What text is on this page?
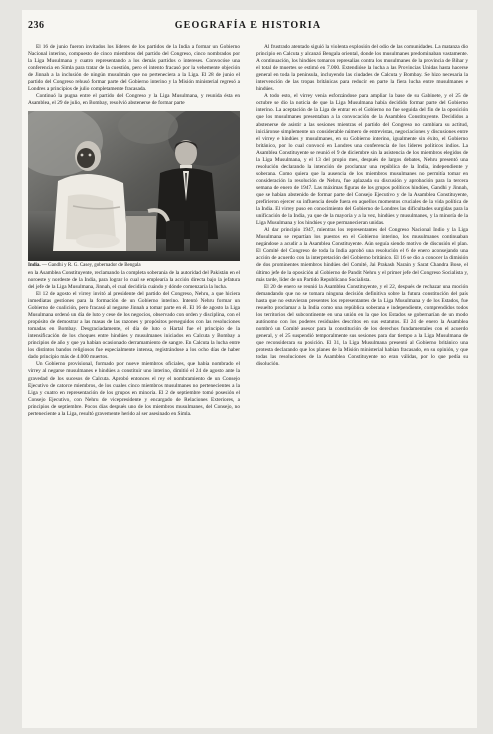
236	GEOGRAFÍA E HISTORIA

El 16 de junio fueron invitados los líderes de los partidos de la India a formar un Gobierno Nacional interino, compuesto de cinco miembros del partido del Congreso, cinco nombrados por la Liga Musulmana y cuatro representando a los demás partidos o intereses. Convocóse una conferencia en Simla para tratar de la cuestión, pero el intento fracasó por la vehemente objeción de Jinnah a la inclusión de ningún musulmán que no perteneciera a la Liga. El 28 de junio el partido del Congreso rehusó formar parte del Gobierno interino y la Misión ministerial regresó a Londres a principios de julio completamente fracasada.

Continuó la pugna entre el partido del Congreso y la Liga Musulmana, y reunida ésta en Asamblea, el 29 de julio, en Bombay, resolvió abstenerse de formar parte

India. — Gandhi y R. G. Casey, gobernador de Bengala

en la Asamblea Constituyente, reclamando la completa soberanía de la autoridad del Pakistán en el noroeste y nordeste de la India, para lograr lo cual se emplearía la acción directa bajo la jefatura del jefe de la Liga Musulmana, Jinnah, el cual decidiría cuándo y dónde comenzaría la lucha.

El 12 de agosto el virrey invitó al presidente del partido del Congreso, Nehru, a que hiciera inmediatas gestiones para la formación de un Gobierno interino. Intentó Nehru formar un Gobierno de coalición, pero fracasó al negarse Jinnah a tomar parte en él. El 16 de agosto la Liga Musulmana ordenó un día de luto y cese de los negocios, observado con orden y disciplina, con el propósito de demostrar a las masas de las razones y propósitos perseguidos con las resoluciones tomadas en Bombay. Desgraciadamente, el día de luto o Hartal fue el principio de la intensificación de los choques entre hindúes y musulmanes iniciados en Calcuta y Bombay a principios de año y que ya habían ocasionado derramamiento de sangre. En Calcuta la lucha entre los distintos bandos religiosos fue especialmente intensa, registrándose a los ocho días de haber dado principio más de 4.000 muertos.

Un Gobierno provisional, formado por nueve miembros oficiales, que había nombrado el virrey al negarse musulmanes e hindúes a constituir uno interino, dimitió el 24 de agosto ante la gravedad de los sucesos de Calcuta. Aprobó entonces el rey el nombramiento de un Consejo Ejecutivo de catorce miembros, de los cuales cinco miembros musulmanes no pertenecientes a la Liga y cuatro en representación de los grupos en minoría. El 2 de septiembre tomó posesión el Consejo Ejecutivo, con Nehru de vicepresidente y encargado de Relaciones Exteriores, a principios de septiembre. Pocos días después uno de los miembros musulmanes, del Consejo, no perteneciente a la Liga, resultó gravemente herido al ser asesinado en Simla.

Al frustrado atentado siguió la violenta explosión del odio de las comunidades. La matanza dio principio en Calcuta y alcanzó Bengala oriental, donde los musulmanes predominaban vastamente. A continuación, los hindúes tomaron represalias contra los musulmanes de la provincia de Bihar y el total de muertes se estimó en 7.000. Extendióse la lucha a las Provincias Unidas hasta hacerse general en toda la península, incluyendo las ciudades de Calcuta y Bombay. Se hizo necesaria la intervención de las tropas británicas para reducir en parte la fiera lucha entre musulmanes e hindúes.

A todo esto, el virrey venía esforzándose para ampliar la base de su Gabinete, y el 25 de octubre se dio la noticia de que la Liga Musulmana había decidido formar parte del Gobierno interino. La aceptación de la Liga de entrar en el Gobierno no fue seguida del fin de la oposición que los musulmanes presentaban a la convocación de la Asamblea Constituyente. Decididos a abstenerse de asistir a las sesiones mientras el partido del Congreso no cambiara su actitud, iniciáronse simplemente un considerable número de entrevistas, negociaciones y discusiones entre el virrey e hindúes y musulmanes, en su Gobierno interino, igualmente sin éxito, el Gobierno británico, por lo cual convocó en Londres una conferencia de los líderes políticos indios. La Asamblea Constituyente se reunió el 9 de diciembre sin la asistencia de los miembros elegidos de la Liga Musulmana, y el 13 del propio mes, después de largos debates, Nehru presentó una resolución declarando la intención de proclamar una república de la India, independiente y soberana. Como quiera que la ausencia de los miembros musulmanes no permitía tomar en consideración la resolución de Nehru, fue aplazada su discusión y aprobación para la tercera semana de enero de 1947. Las máximas figuras de los grupos políticos hindúes, Gandhi y Jinnah, que se habían abstenido de formar parte del Consejo Ejecutivo y de la Asamblea Constituyente, prefirieron ejercer su influencia desde fuera en aquellos momentos cruciales de la vida política de la India. El virrey puso en conocimiento del Gobierno de Londres las dificultades surgidas para la unificación de la India, ya que de la mayoría y a la vez, hindúes y musulmanes, y la minoría de la Liga Musulmana y los hindúes y que permanecieran unidas.

Al dar principio 1947, mientras los representantes del Congreso Nacional Indio y la Liga Musulmana se repartían los puestos en el Gobierno interino, los musulmanes continuaban negándose a acudir a la Asamblea Constituyente. Aún seguía siendo motivo de discusión el plan. El Comité del Congreso de toda la India aprobó una resolución el 6 de enero aconsejando una acción de acuerdo con la interpretación del Gobierno británico. El 16 se dio a conocer la dimisión de dos prominentes miembros hindúes del Comité, Jai Prakash Narain y Sarat Chandra Bose, el último jefe de la oposición al Gobierno de Pandit Nehru y el primer jefe del Congreso Socialista y, más tarde, líder de un Partido Republicano Socialista.

El 20 de enero se reunió la Asamblea Constituyente, y el 22, después de rechazar una moción demandando que no se tomara ninguna decisión definitiva sobre la futura constitución del país hasta que no estuvieran presentes los representantes de la Liga Musulmana y de los Estados, fue resuelto proclamar a la India como una república soberana e independiente, comprendidos todos los territorios del subcontinente en una unión en la que los Estados se gobernarían de un modo autónomo con los poderes residuales descritos en sus estatutos. El 24 de enero la Asamblea nombró un Comité asesor para la constitución de los derechos fundamentales con el acuerdo general, y el 25 suspendió temporalmente sus sesiones para dar tiempo a la Liga Musulmana de que reconsiderara su posición. El 31, la Liga Musulmana presentó al Gobierno británico una protesta declarando que los planes de la Misión ministerial habían fracasado, en su opinión, y que todas las resoluciones de la Asamblea Constituyente no eran válidas, por lo que pedía su disolución.
